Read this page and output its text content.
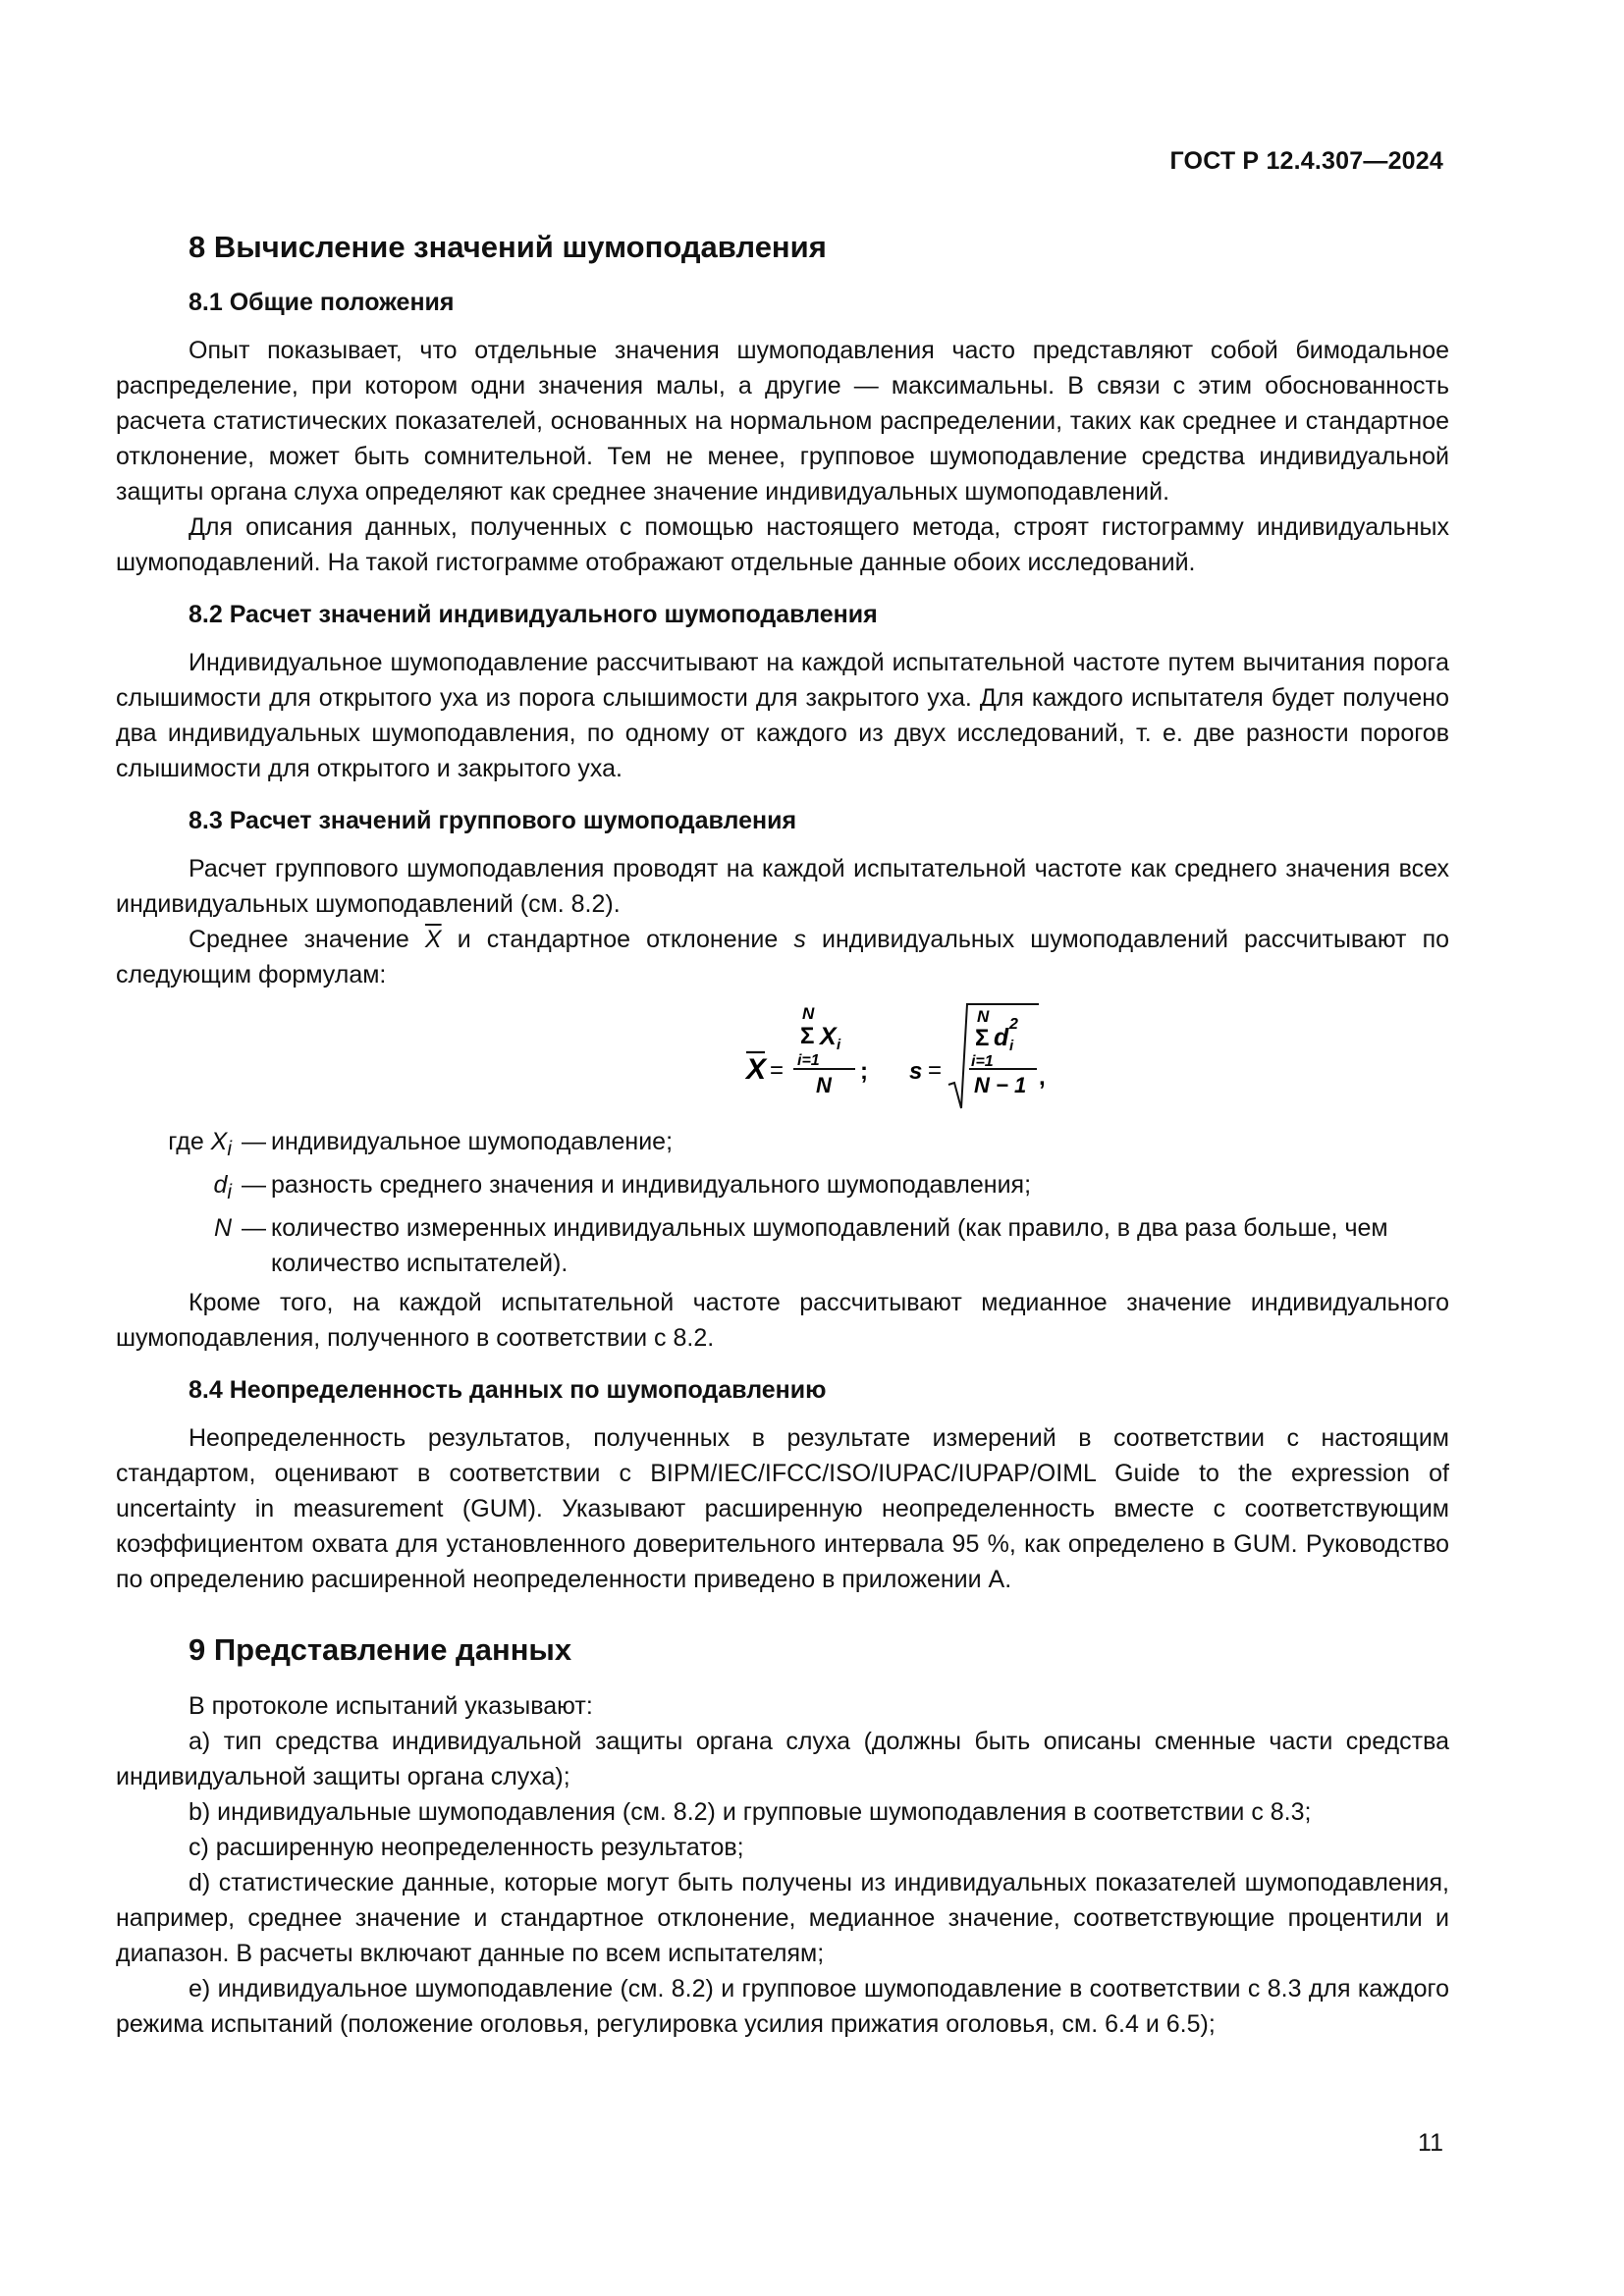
ГОСТ Р 12.4.307—2024
8 Вычисление значений шумоподавления
8.1 Общие положения

Опыт показывает, что отдельные значения шумоподавления часто представляют собой бимодальное распределение, при котором одни значения малы, а другие — максимальны. В связи с этим обоснованность расчета статистических показателей, основанных на нормальном распределении, таких как среднее и стандартное отклонение, может быть сомнительной. Тем не менее, групповое шумоподавление средства индивидуальной защиты органа слуха определяют как среднее значение индивидуальных шумоподавлений.

Для описания данных, полученных с помощью настоящего метода, строят гистограмму индивидуальных шумоподавлений. На такой гистограмме отображают отдельные данные обоих исследований.

8.2 Расчет значений индивидуального шумоподавления

Индивидуальное шумоподавление рассчитывают на каждой испытательной частоте путем вычитания порога слышимости для открытого уха из порога слышимости для закрытого уха. Для каждого испытателя будет получено два индивидуальных шумоподавления, по одному от каждого из двух исследований, т. е. две разности порогов слышимости для открытого и закрытого уха.

8.3 Расчет значений группового шумоподавления

Расчет группового шумоподавления проводят на каждой испытательной частоте как среднего значения всех индивидуальных шумоподавлений (см. 8.2).

Среднее значение $\overline{X}$ и стандартное отклонение s индивидуальных шумоподавлений рассчитывают по следующим формулам:

X =
N
Σ X i
i=1
N
; s =
N
Σ d 2
i
i=1
N − 1 ,
где $X_i$ — индивидуальное шумоподавление;
$d_i$ — разность среднего значения и индивидуального шумоподавления;
N — количество измеренных индивидуальных шумоподавлений (как правило, в два раза больше, чем количество испытателей).

Кроме того, на каждой испытательной частоте рассчитывают медианное значение индивидуального шумоподавления, полученного в соответствии с 8.2.

8.4 Неопределенность данных по шумоподавлению

Неопределенность результатов, полученных в результате измерений в соответствии с настоящим стандартом, оценивают в соответствии с BIPM/IEC/IFCC/ISO/IUPAC/IUPAP/OIML Guide to the expression of uncertainty in measurement (GUM). Указывают расширенную неопределенность вместе с соответствующим коэффициентом охвата для установленного доверительного интервала 95 %, как определено в GUM. Руководство по определению расширенной неопределенности приведено в приложении А.

9 Представление данных

В протоколе испытаний указывают:

а) тип средства индивидуальной защиты органа слуха (должны быть описаны сменные части средства индивидуальной защиты органа слуха);

b) индивидуальные шумоподавления (см. 8.2) и групповые шумоподавления в соответствии с 8.3;

c) расширенную неопределенность результатов;

d) статистические данные, которые могут быть получены из индивидуальных показателей шумоподавления, например, среднее значение и стандартное отклонение, медианное значение, соответствующие процентили и диапазон. В расчеты включают данные по всем испытателям;

e) индивидуальное шумоподавление (см. 8.2) и групповое шумоподавление в соответствии с 8.3 для каждого режима испытаний (положение оголовья, регулировка усилия прижатия оголовья, см. 6.4 и 6.5);

11
